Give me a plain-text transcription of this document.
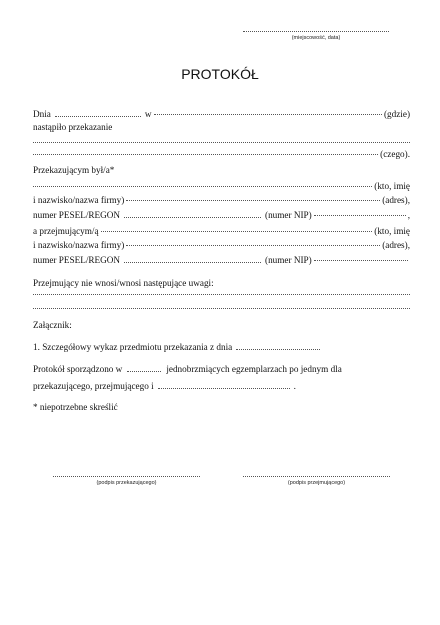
(miejscowość, data)
PROTOKÓŁ
Dnia	w	(gdzie)
nastąpiło przekazanie
(czego).
Przekazującym był/a*
(kto, imię
i nazwisko/nazwa firmy)	(adres),
numer PESEL/REGON	(numer NIP)	,
a przejmującym/ą	(kto, imię
i nazwisko/nazwa firmy)	(adres),
numer PESEL/REGON	(numer NIP)
Przejmujący nie wnosi/wnosi następujące uwagi:
Załącznik:
1. Szczegółowy wykaz przedmiotu przekazania z dnia
Protokół sporządzono w	jednobrzmiących egzemplarzach po jednym dla
przekazującego, przejmującego i	.
* niepotrzebne skreślić
(podpis przekazującego)	(podpis przejmującego)
